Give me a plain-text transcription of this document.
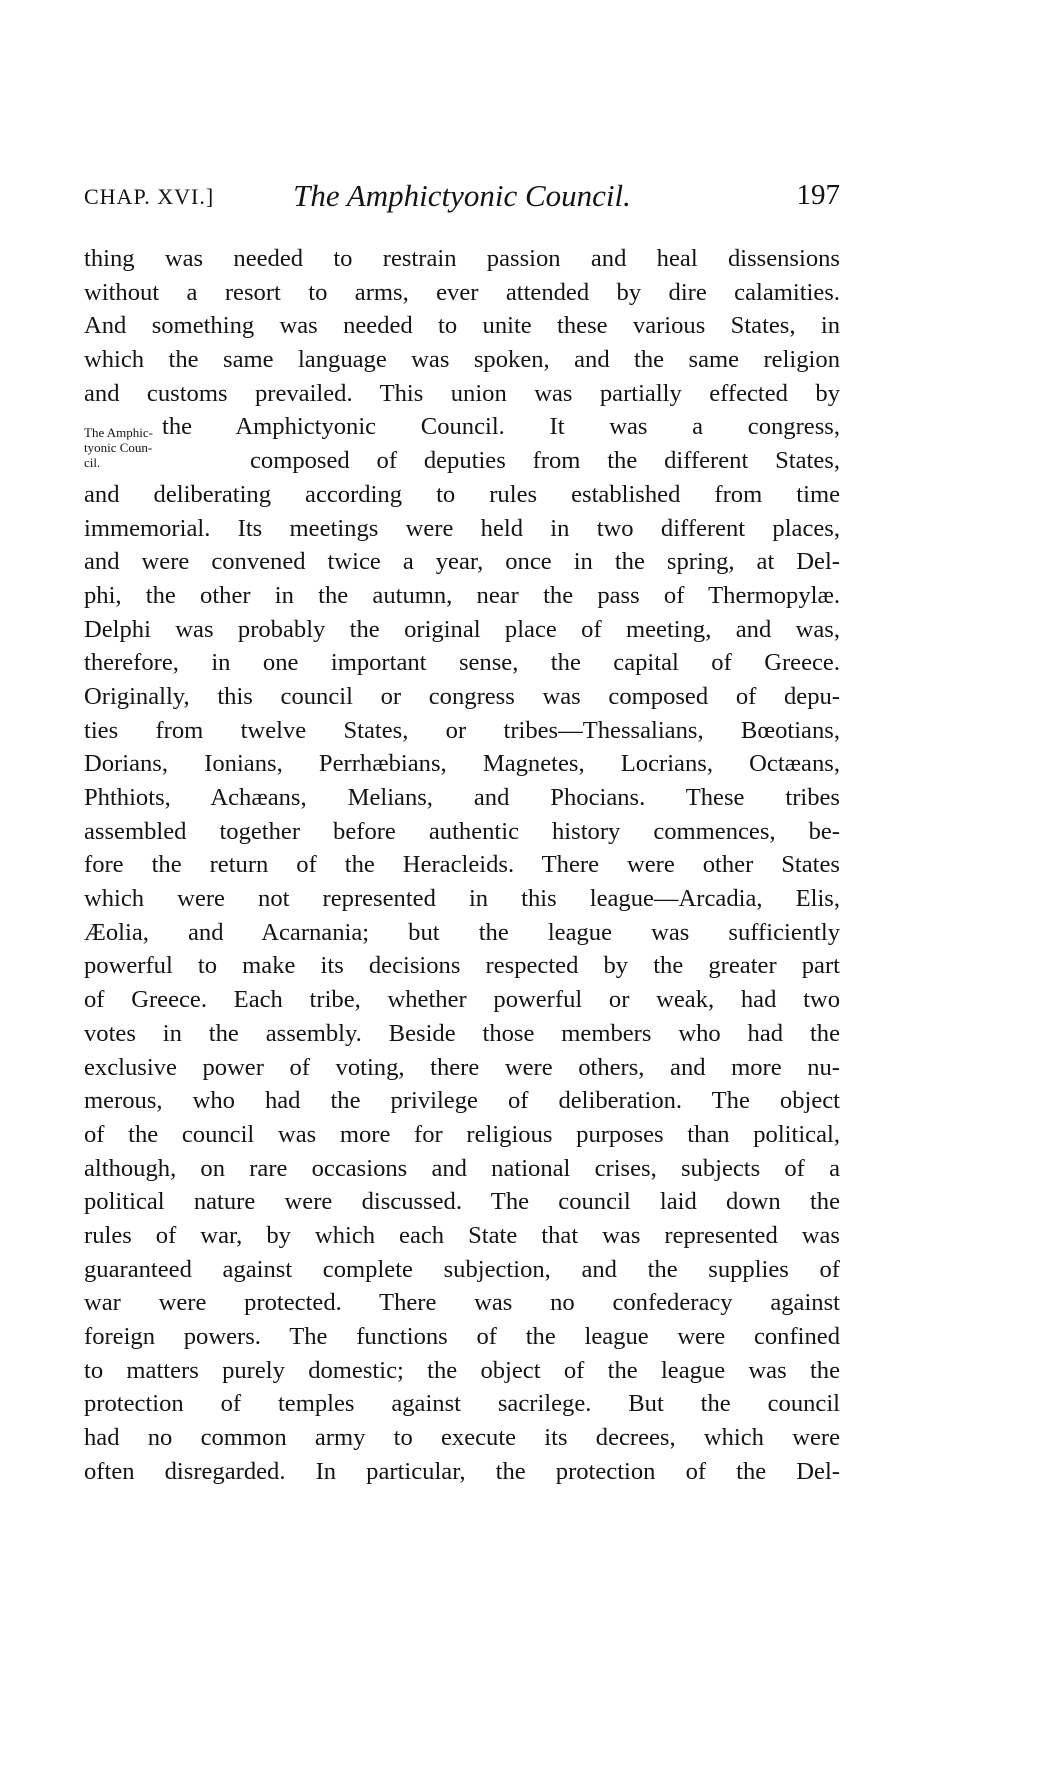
CHAP. XVI.]	The Amphictyonic Council.	197
The Amphic-
tyonic Coun-
cil.
thing was needed to restrain passion and heal dissensions
without a resort to arms, ever attended by dire calamities.
And something was needed to unite these various States, in
which the same language was spoken, and the same religion
and customs prevailed. This union was partially effected by
the Amphictyonic Council. It was a congress,
composed of deputies from the different States,
and deliberating according to rules established from time
immemorial. Its meetings were held in two different places,
and were convened twice a year, once in the spring, at Del-
phi, the other in the autumn, near the pass of Thermopylæ.
Delphi was probably the original place of meeting, and was,
therefore, in one important sense, the capital of Greece.
Originally, this council or congress was composed of depu-
ties from twelve States, or tribes—Thessalians, Bœotians,
Dorians, Ionians, Perrhæbians, Magnetes, Locrians, Octæans,
Phthiots, Achæans, Melians, and Phocians. These tribes
assembled together before authentic history commences, be-
fore the return of the Heracleids. There were other States
which were not represented in this league—Arcadia, Elis,
Æolia, and Acarnania; but the league was sufficiently
powerful to make its decisions respected by the greater part
of Greece. Each tribe, whether powerful or weak, had two
votes in the assembly. Beside those members who had the
exclusive power of voting, there were others, and more nu-
merous, who had the privilege of deliberation. The object
of the council was more for religious purposes than political,
although, on rare occasions and national crises, subjects of a
political nature were discussed. The council laid down the
rules of war, by which each State that was represented was
guaranteed against complete subjection, and the supplies of
war were protected. There was no confederacy against
foreign powers. The functions of the league were confined
to matters purely domestic; the object of the league was the
protection of temples against sacrilege. But the council
had no common army to execute its decrees, which were
often disregarded. In particular, the protection of the Del-
